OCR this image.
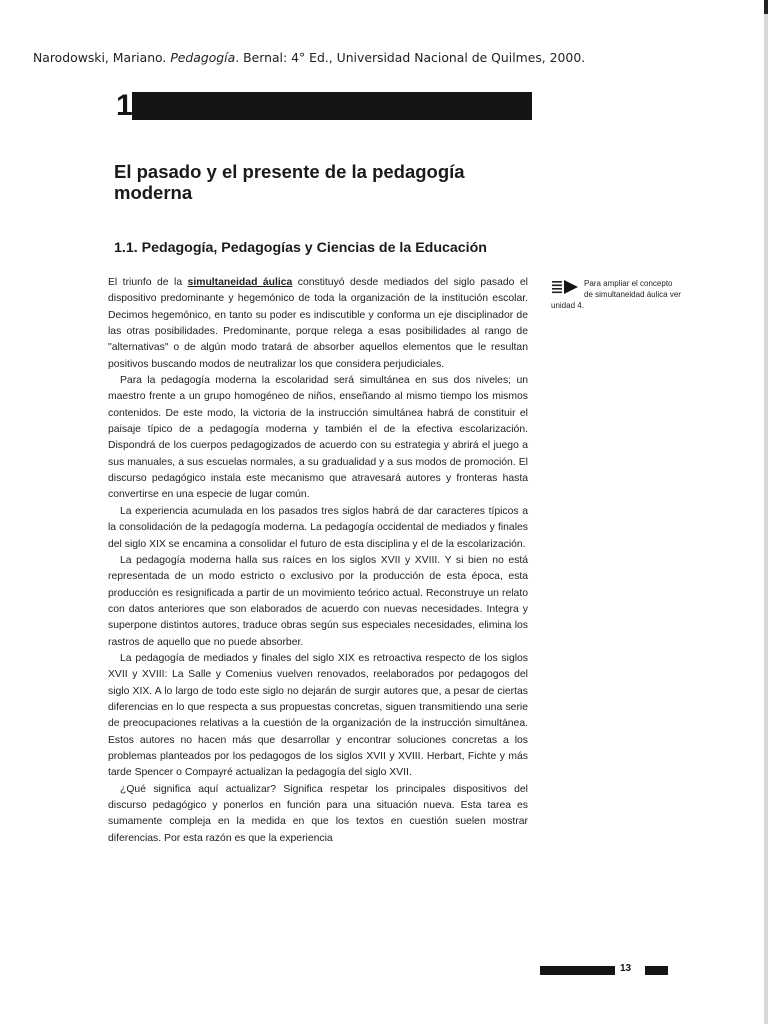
Narodowski, Mariano. Pedagogía. Bernal: 4° Ed., Universidad Nacional de Quilmes, 2000.
1
El pasado y el presente de la pedagogía moderna
1.1. Pedagogía, Pedagogías y Ciencias de la Educación
Para ampliar el concepto de simultaneidad áulica ver unidad 4.

El triunfo de la simultaneidad áulica constituyó desde mediados del siglo pasado el dispositivo predominante y hegemónico de toda la organización de la institución escolar. Decimos hegemónico, en tanto su poder es indiscutible y conforma un eje disciplinador de las otras posibilidades. Predominante, porque relega a esas posibilidades al rango de "alternativas" o de algún modo tratará de absorber aquellos elementos que le resultan positivos buscando modos de neutralizar los que considera perjudiciales.

Para la pedagogía moderna la escolaridad será simultánea en sus dos niveles; un maestro frente a un grupo homogéneo de niños, enseñando al mismo tiempo los mismos contenidos. De este modo, la victoria de la instrucción simultánea habrá de constituir el paisaje típico de a pedagogía moderna y también el de la efectiva escolarización. Dispondrá de los cuerpos pedagogizados de acuerdo con su estrategia y abrirá el juego a sus manuales, a sus escuelas normales, a su gradualidad y a sus modos de promoción. El discurso pedagógico instala este mecanismo que atravesará autores y fronteras hasta convertirse en una especie de lugar común.

La experiencia acumulada en los pasados tres siglos habrá de dar caracteres típicos a la consolidación de la pedagogía moderna. La pedagogía occidental de mediados y finales del siglo XIX se encamina a consolidar el futuro de esta disciplina y el de la escolarización.

La pedagogía moderna halla sus raíces en los siglos XVII y XVIII. Y si bien no está representada de un modo estricto o exclusivo por la producción de esta época, esta producción es resignificada a partir de un movimiento teórico actual. Reconstruye un relato con datos anteriores que son elaborados de acuerdo con nuevas necesidades. Integra y superpone distintos autores, traduce obras según sus especiales necesidades, elimina los rastros de aquello que no puede absorber.

La pedagogía de mediados y finales del siglo XIX es retroactiva respecto de los siglos XVII y XVIII: La Salle y Comenius vuelven renovados, reelaborados por pedagogos del siglo XIX. A lo largo de todo este siglo no dejarán de surgir autores que, a pesar de ciertas diferencias en lo que respecta a sus propuestas concretas, siguen transmitiendo una serie de preocupaciones relativas a la cuestión de la organización de la instrucción simultánea. Estos autores no hacen más que desarrollar y encontrar soluciones concretas a los problemas planteados por los pedagogos de los siglos XVII y XVIII. Herbart, Fichte y más tarde Spencer o Compayré actualizan la pedagogía del siglo XVII.

¿Qué significa aquí actualizar? Significa respetar los principales dispositivos del discurso pedagógico y ponerlos en función para una situación nueva. Esta tarea es sumamente compleja en la medida en que los textos en cuestión suelen mostrar diferencias. Por esta razón es que la experiencia

13
